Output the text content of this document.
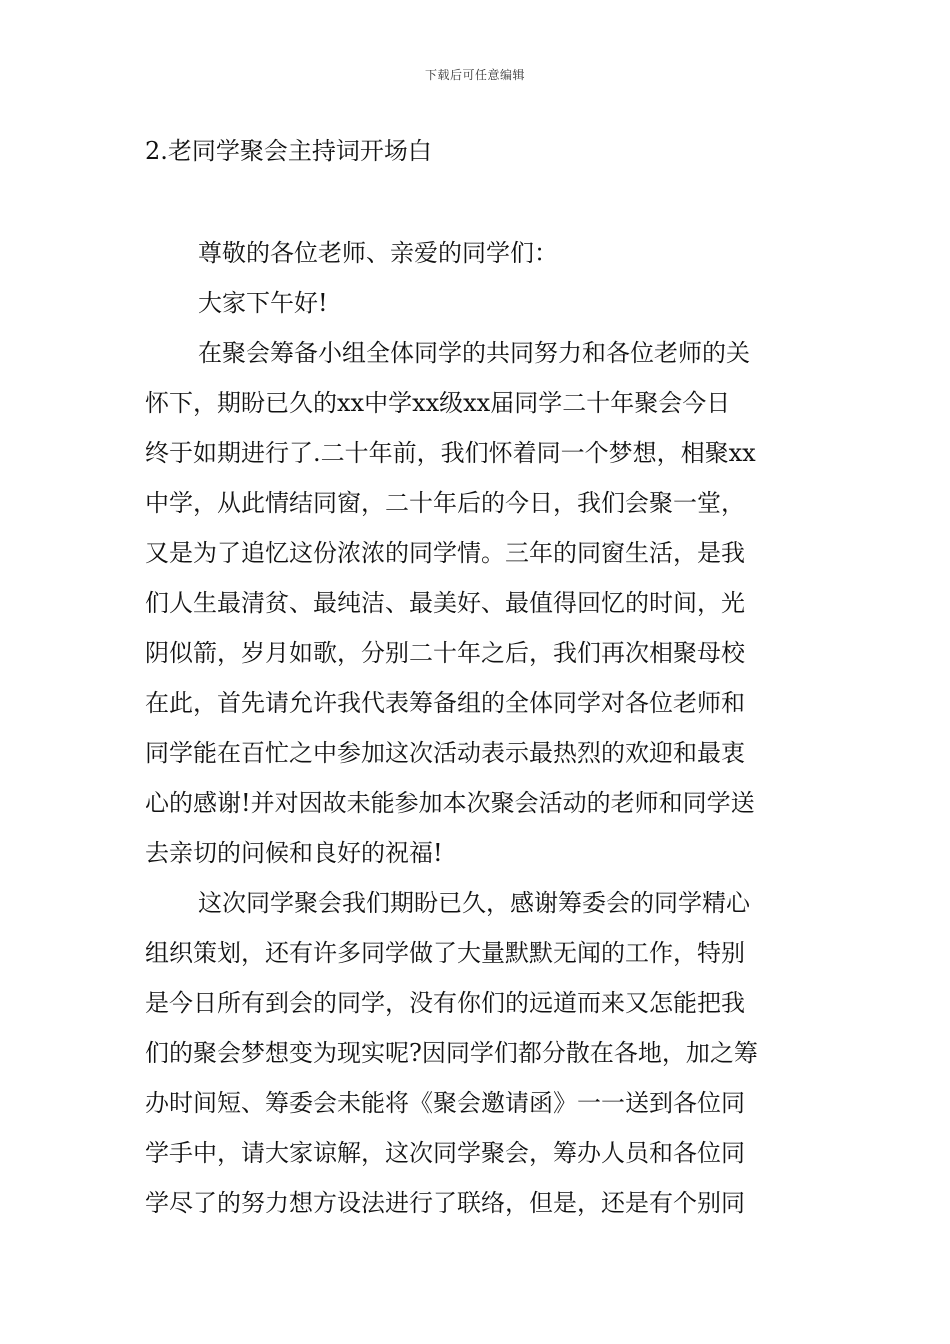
下载后可任意编辑
2.老同学聚会主持词开场白
尊敬的各位老师、亲爱的同学们：
大家下午好!
在聚会筹备小组全体同学的共同努力和各位老师的关
怀下，期盼已久的xx中学xx级xx届同学二十年聚会今日
终于如期进行了.二十年前，我们怀着同一个梦想，相聚xx
中学，从此情结同窗，二十年后的今日，我们会聚一堂，
又是为了追忆这份浓浓的同学情。三年的同窗生活，是我
们人生最清贫、最纯洁、最美好、最值得回忆的时间，光
阴似箭，岁月如歌，分别二十年之后，我们再次相聚母校
在此，首先请允许我代表筹备组的全体同学对各位老师和
同学能在百忙之中参加这次活动表示最热烈的欢迎和最衷
心的感谢!并对因故未能参加本次聚会活动的老师和同学送
去亲切的问候和良好的祝福!
这次同学聚会我们期盼已久，感谢筹委会的同学精心
组织策划，还有许多同学做了大量默默无闻的工作，特别
是今日所有到会的同学，没有你们的远道而来又怎能把我
们的聚会梦想变为现实呢?因同学们都分散在各地，加之筹
办时间短、筹委会未能将《聚会邀请函》一一送到各位同
学手中，请大家谅解，这次同学聚会，筹办人员和各位同
学尽了的努力想方设法进行了联络，但是，还是有个别同
